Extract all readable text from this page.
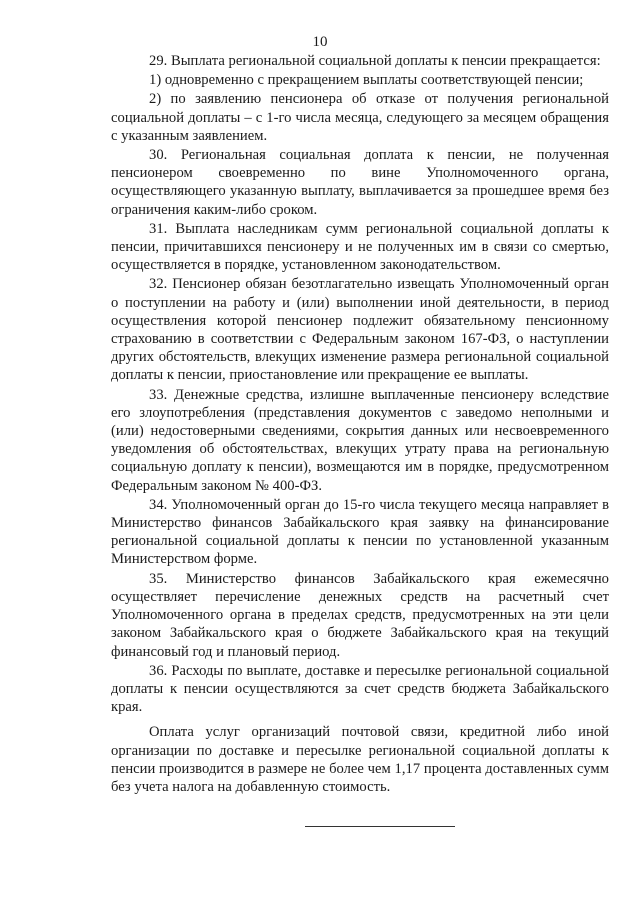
10

29. Выплата региональной социальной доплаты к пенсии прекращается:

1) одновременно с прекращением выплаты соответствующей пенсии;

2) по заявлению пенсионера об отказе от получения региональной социальной доплаты – с 1-го числа месяца, следующего за месяцем обращения с указанным заявлением.

30. Региональная социальная доплата к пенсии, не полученная пенсионером своевременно по вине Уполномоченного органа, осуществляющего указанную выплату, выплачивается за прошедшее время без ограничения каким-либо сроком.

31. Выплата наследникам сумм региональной социальной доплаты к пенсии, причитавшихся пенсионеру и не полученных им в связи со смертью, осуществляется в порядке, установленном законодательством.

32. Пенсионер обязан безотлагательно извещать Уполномоченный орган о поступлении на работу и (или) выполнении иной деятельности, в период осуществления которой пенсионер подлежит обязательному пенсионному страхованию в соответствии с Федеральным законом 167-ФЗ, о наступлении других обстоятельств, влекущих изменение размера региональной социальной доплаты к пенсии, приостановление или прекращение ее выплаты.

33. Денежные средства, излишне выплаченные пенсионеру вследствие его злоупотребления (представления документов с заведомо неполными и (или) недостоверными сведениями, сокрытия данных или несвоевременного уведомления об обстоятельствах, влекущих утрату права на региональную социальную доплату к пенсии), возмещаются им в порядке, предусмотренном Федеральным законом № 400-ФЗ.

34. Уполномоченный орган до 15-го числа текущего месяца направляет в Министерство финансов Забайкальского края заявку на финансирование региональной социальной доплаты к пенсии по установленной указанным Министерством форме.

35. Министерство финансов Забайкальского края ежемесячно осуществляет перечисление денежных средств на расчетный счет Уполномоченного органа в пределах средств, предусмотренных на эти цели законом Забайкальского края о бюджете Забайкальского края на текущий финансовый год и плановый период.

36. Расходы по выплате, доставке и пересылке региональной социальной доплаты к пенсии осуществляются за счет средств бюджета Забайкальского края.

Оплата услуг организаций почтовой связи, кредитной либо иной организации по доставке и пересылке региональной социальной доплаты к пенсии производится в размере не более чем 1,17 процента доставленных сумм без учета налога на добавленную стоимость.
